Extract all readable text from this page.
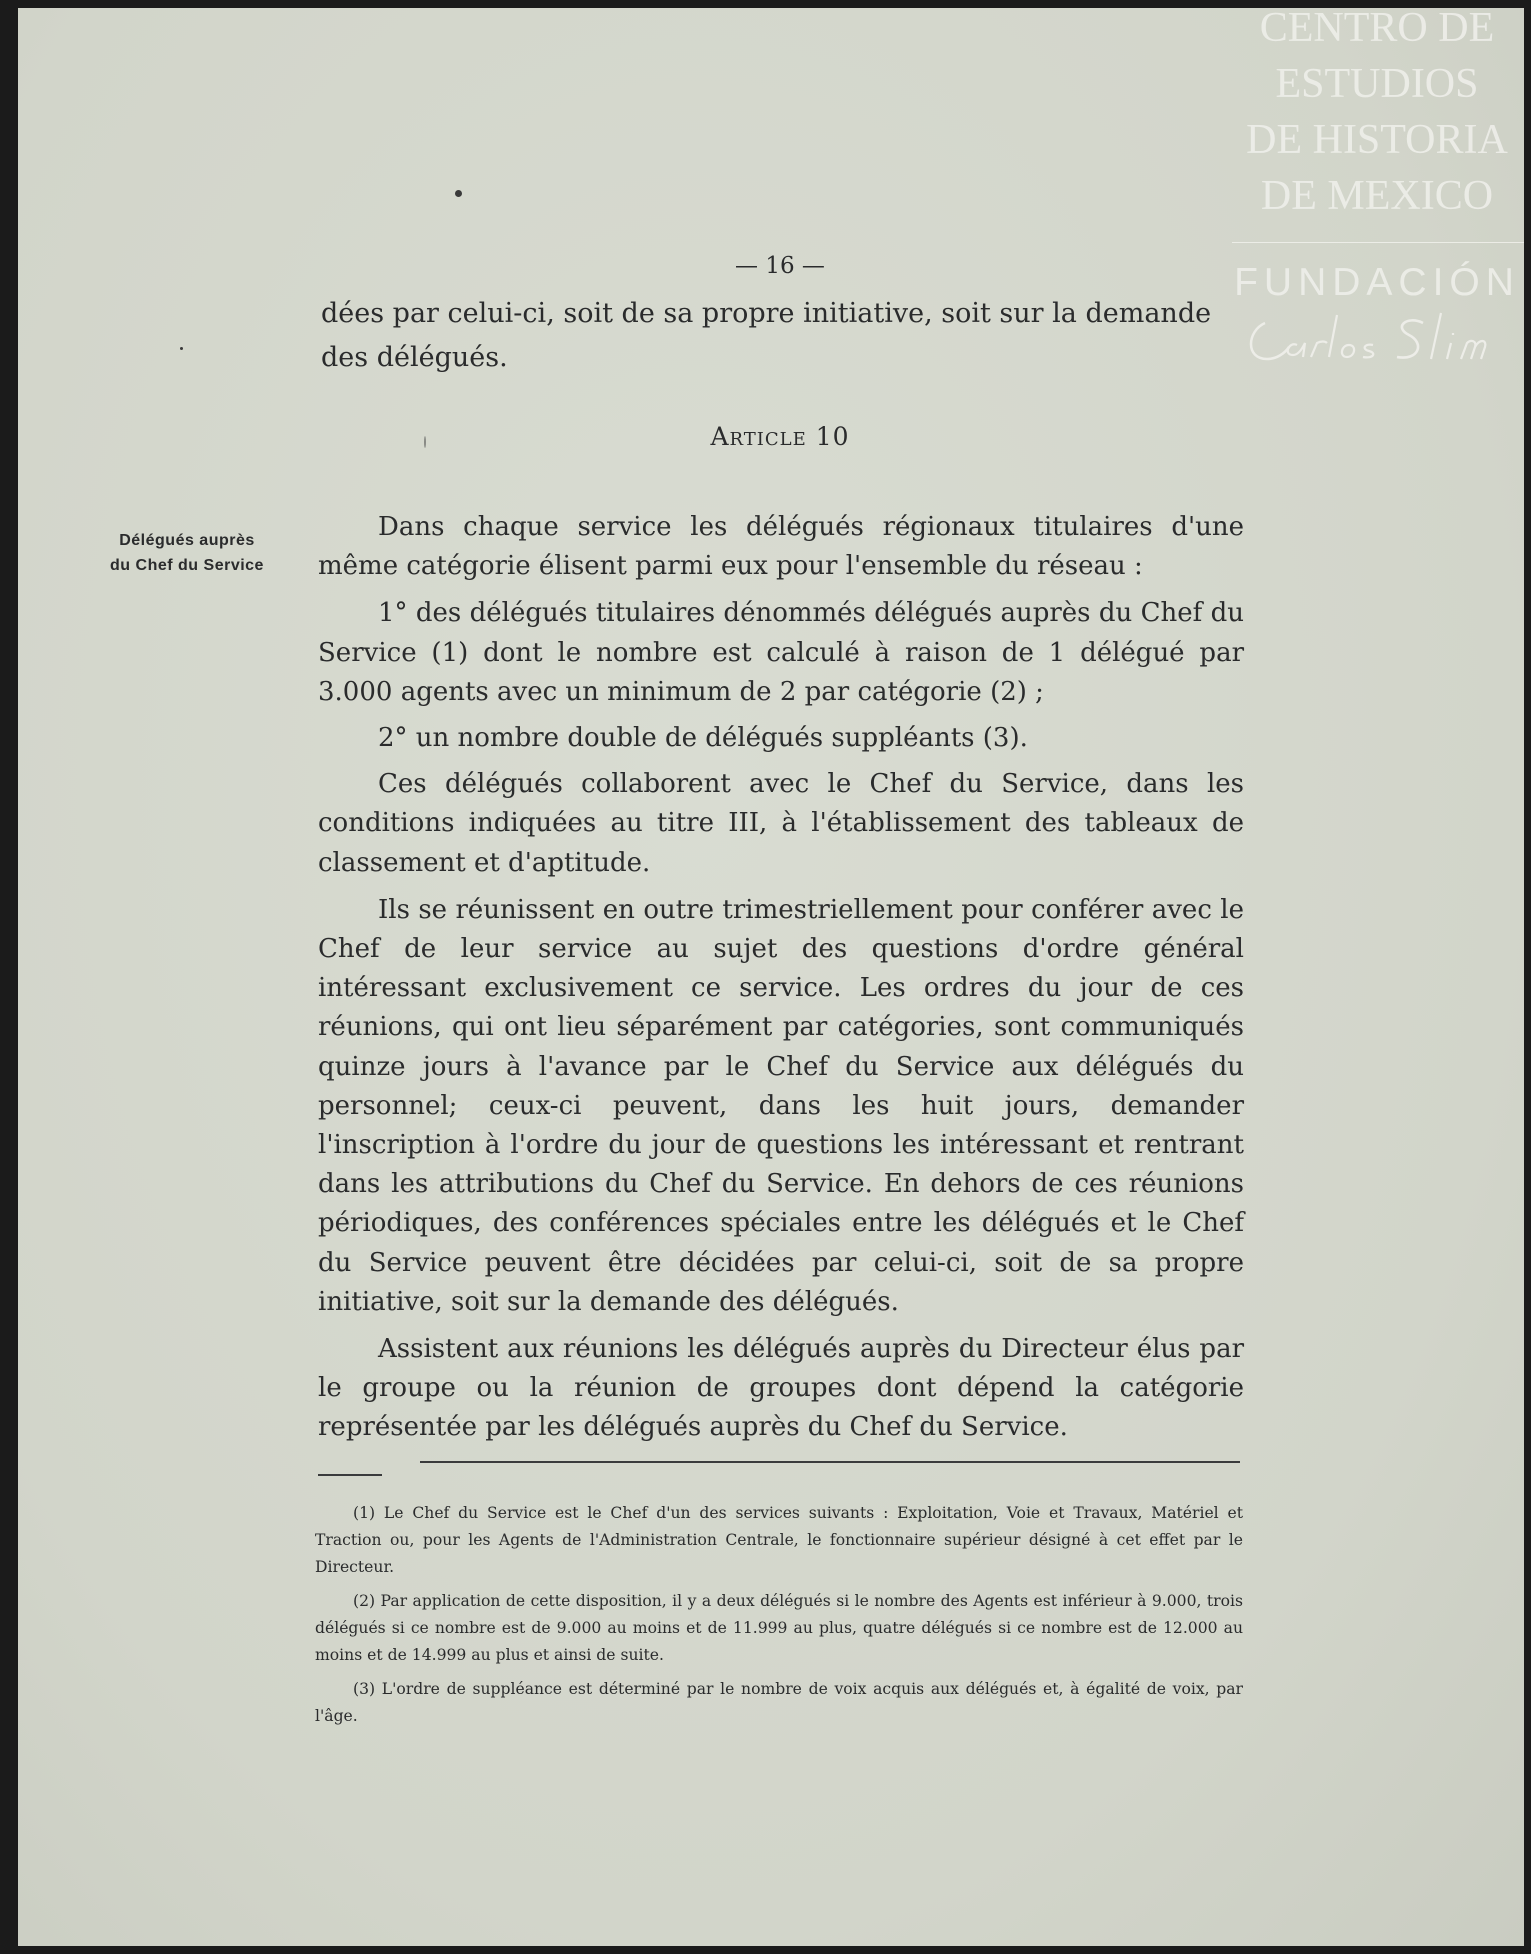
— 16 —
dées par celui-ci, soit de sa propre initiative, soit sur la demande
des délégués.
Article 10
Délégués auprès
du Chef du Service

Dans chaque service les délégués régionaux titulaires d'une même catégorie élisent parmi eux pour l'ensemble du réseau :

1° des délégués titulaires dénommés délégués auprès du Chef du Service (1) dont le nombre est calculé à raison de 1 délégué par 3.000 agents avec un minimum de 2 par catégorie (2) ;

2° un nombre double de délégués suppléants (3).

Ces délégués collaborent avec le Chef du Service, dans les conditions indiquées au titre III, à l'établissement des tableaux de classement et d'aptitude.

Ils se réunissent en outre trimestriellement pour conférer avec le Chef de leur service au sujet des questions d'ordre général intéressant exclusivement ce service. Les ordres du jour de ces réunions, qui ont lieu séparément par catégories, sont communiqués quinze jours à l'avance par le Chef du Service aux délégués du personnel; ceux-ci peuvent, dans les huit jours, demander l'inscription à l'ordre du jour de questions les intéressant et rentrant dans les attributions du Chef du Service. En dehors de ces réunions périodiques, des conférences spéciales entre les délégués et le Chef du Service peuvent être décidées par celui-ci, soit de sa propre initiative, soit sur la demande des délégués.

Assistent aux réunions les délégués auprès du Directeur élus par le groupe ou la réunion de groupes dont dépend la catégorie représentée par les délégués auprès du Chef du Service.

(1) Le Chef du Service est le Chef d'un des services suivants : Exploitation, Voie et Travaux, Matériel et Traction ou, pour les Agents de l'Administration Centrale, le fonctionnaire supérieur désigné à cet effet par le Directeur.

(2) Par application de cette disposition, il y a deux délégués si le nombre des Agents est inférieur à 9.000, trois délégués si ce nombre est de 9.000 au moins et de 11.999 au plus, quatre délégués si ce nombre est de 12.000 au moins et de 14.999 au plus et ainsi de suite.

(3) L'ordre de suppléance est déterminé par le nombre de voix acquis aux délégués et, à égalité de voix, par l'âge.

CENTRO DE
ESTUDIOS
DE HISTORIA
DE MEXICO
FUNDACIÓN
